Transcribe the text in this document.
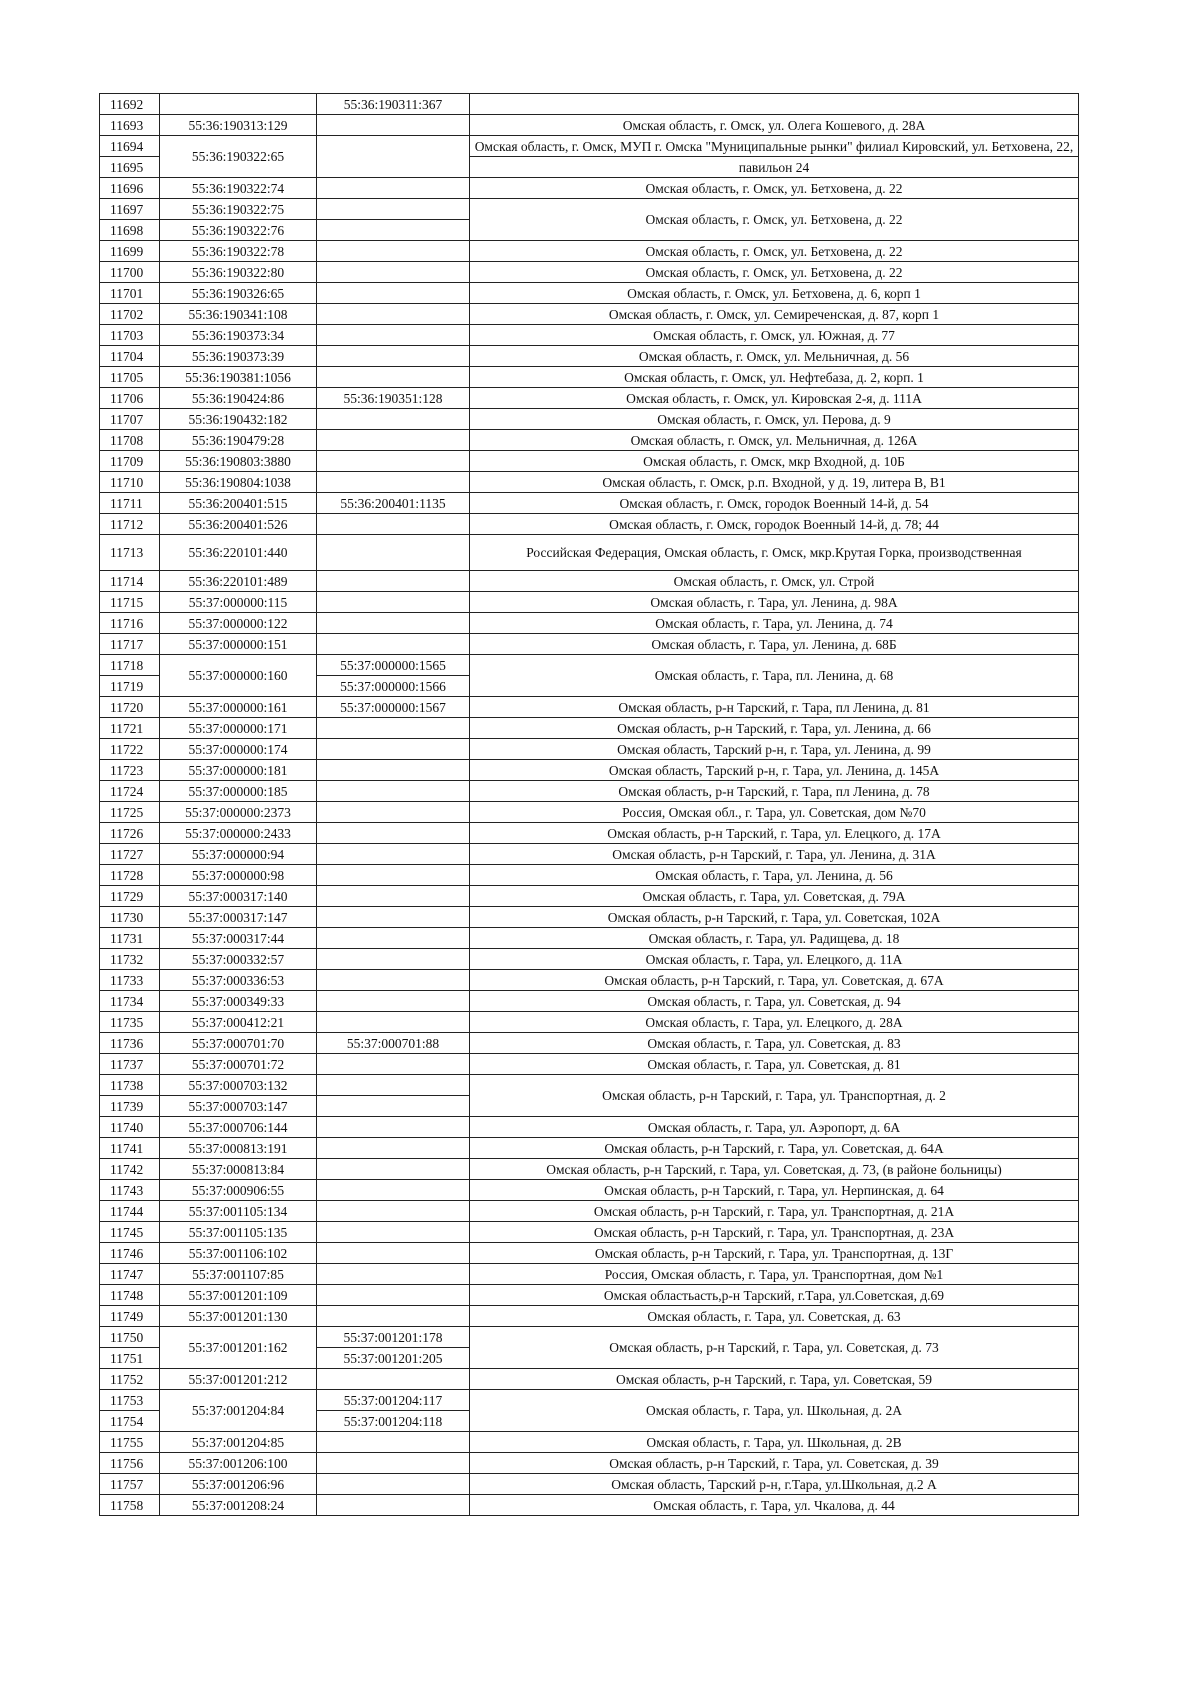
11692		55:36:190311:367	
11693	55:36:190313:129		Омская область, г. Омск, ул. Олега Кошевого, д. 28А
11694	55:36:190322:65		Омская область, г. Омск, МУП г. Омска "Муниципальные рынки" филиал Кировский, ул. Бетховена, 22,
11695			павильон 24
11696	55:36:190322:74		Омская область, г. Омск, ул. Бетховена, д. 22
11697	55:36:190322:75		Омская область, г. Омск, ул. Бетховена, д. 22
11698	55:36:190322:76		
11699	55:36:190322:78		Омская область, г. Омск, ул. Бетховена, д. 22
11700	55:36:190322:80		Омская область, г. Омск, ул. Бетховена, д. 22
11701	55:36:190326:65		Омская область, г. Омск, ул. Бетховена, д. 6, корп 1
11702	55:36:190341:108		Омская область, г. Омск, ул. Семиреченская, д. 87, корп 1
11703	55:36:190373:34		Омская область, г. Омск, ул. Южная, д. 77
11704	55:36:190373:39		Омская область, г. Омск, ул. Мельничная, д. 56
11705	55:36:190381:1056		Омская область, г. Омск, ул. Нефтебаза, д. 2, корп. 1
11706	55:36:190424:86	55:36:190351:128	Омская область, г. Омск, ул. Кировская 2-я, д. 111А
11707	55:36:190432:182		Омская область, г. Омск, ул. Перова, д. 9
11708	55:36:190479:28		Омская область, г. Омск, ул. Мельничная, д. 126А
11709	55:36:190803:3880		Омская область, г. Омск, мкр Входной, д. 10Б
11710	55:36:190804:1038		Омская область, г. Омск, р.п. Входной, у д. 19, литера В, В1
11711	55:36:200401:515	55:36:200401:1135	Омская область, г. Омск, городок Военный 14-й, д. 54
11712	55:36:200401:526		Омская область, г. Омск, городок Военный 14-й, д. 78; 44
11713	55:36:220101:440		Российская Федерация, Омская область, г. Омск, мкр.Крутая Горка, производственная
11714	55:36:220101:489		Омская область, г. Омск, ул. Строй
11715	55:37:000000:115		Омская область, г. Тара, ул. Ленина, д. 98А
11716	55:37:000000:122		Омская область, г. Тара, ул. Ленина, д. 74
11717	55:37:000000:151		Омская область, г. Тара, ул. Ленина, д. 68Б
11718	55:37:000000:160	55:37:000000:1565	Омская область, г. Тара, пл. Ленина, д. 68
11719		55:37:000000:1566	
11720	55:37:000000:161	55:37:000000:1567	Омская область, р-н Тарский, г. Тара, пл Ленина, д. 81
11721	55:37:000000:171		Омская область, р-н Тарский, г. Тара, ул. Ленина, д. 66
11722	55:37:000000:174		Омская область, Тарский р-н, г. Тара, ул. Ленина, д. 99
11723	55:37:000000:181		Омская область, Тарский р-н, г. Тара, ул. Ленина, д. 145А
11724	55:37:000000:185		Омская область, р-н Тарский, г. Тара, пл Ленина, д. 78
11725	55:37:000000:2373		Россия, Омская обл., г. Тара, ул. Советская, дом №70
11726	55:37:000000:2433		Омская область, р-н Тарский, г. Тара, ул. Елецкого, д. 17А
11727	55:37:000000:94		Омская область, р-н Тарский, г. Тара, ул. Ленина, д. 31А
11728	55:37:000000:98		Омская область, г. Тара, ул. Ленина, д. 56
11729	55:37:000317:140		Омская область, г. Тара, ул. Советская, д. 79А
11730	55:37:000317:147		Омская область, р-н Тарский, г. Тара, ул. Советская, 102А
11731	55:37:000317:44		Омская область, г. Тара, ул. Радищева, д. 18
11732	55:37:000332:57		Омская область, г. Тара, ул. Елецкого, д. 11А
11733	55:37:000336:53		Омская область, р-н Тарский, г. Тара, ул. Советская, д. 67А
11734	55:37:000349:33		Омская область, г. Тара, ул. Советская, д. 94
11735	55:37:000412:21		Омская область, г. Тара, ул. Елецкого, д. 28А
11736	55:37:000701:70	55:37:000701:88	Омская область, г. Тара, ул. Советская, д. 83
11737	55:37:000701:72		Омская область, г. Тара, ул. Советская, д. 81
11738	55:37:000703:132		Омская область, р-н Тарский, г. Тара, ул. Транспортная, д. 2
11739	55:37:000703:147		
11740	55:37:000706:144		Омская область, г. Тара, ул. Аэропорт, д. 6А
11741	55:37:000813:191		Омская область, р-н Тарский, г. Тара, ул. Советская, д. 64А
11742	55:37:000813:84		Омская область, р-н Тарский, г. Тара, ул. Советская, д. 73, (в районе больницы)
11743	55:37:000906:55		Омская область, р-н Тарский, г. Тара, ул. Нерпинская, д. 64
11744	55:37:001105:134		Омская область, р-н Тарский, г. Тара, ул. Транспортная, д. 21А
11745	55:37:001105:135		Омская область, р-н Тарский, г. Тара, ул. Транспортная, д. 23А
11746	55:37:001106:102		Омская область, р-н Тарский, г. Тара, ул. Транспортная, д. 13Г
11747	55:37:001107:85		Россия, Омская область, г. Тара, ул. Транспортная, дом №1
11748	55:37:001201:109		Омская областьасть,р-н Тарский, г.Тара, ул.Советская, д.69
11749	55:37:001201:130		Омская область, г. Тара, ул. Советская, д. 63
11750	55:37:001201:162	55:37:001201:178	Омская область, р-н Тарский, г. Тара, ул. Советская, д. 73
11751		55:37:001201:205	
11752	55:37:001201:212		Омская область, р-н Тарский, г. Тара, ул. Советская, 59
11753	55:37:001204:84	55:37:001204:117	Омская область, г. Тара, ул. Школьная, д. 2А
11754		55:37:001204:118	
11755	55:37:001204:85		Омская область, г. Тара, ул. Школьная, д. 2В
11756	55:37:001206:100		Омская область, р-н Тарский, г. Тара, ул. Советская, д. 39
11757	55:37:001206:96		Омская область, Тарский р-н, г.Тара, ул.Школьная, д.2 А
11758	55:37:001208:24		Омская область, г. Тара, ул. Чкалова, д. 44
